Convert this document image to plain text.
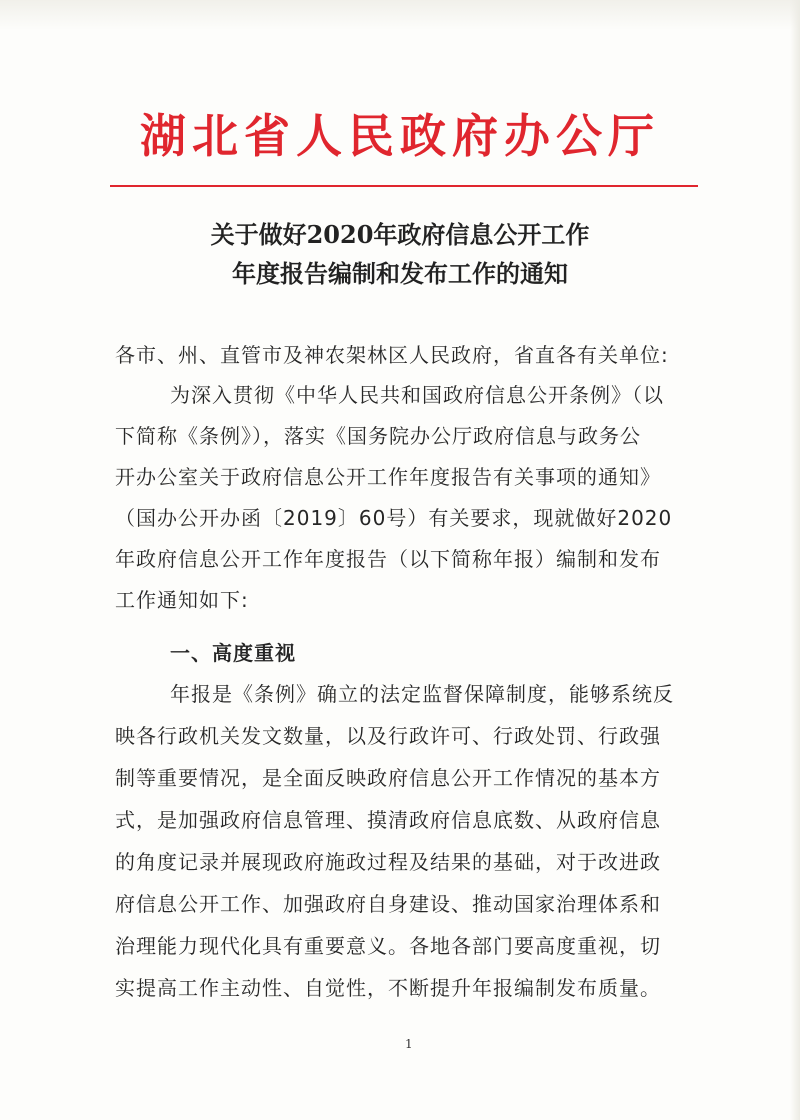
湖北省人民政府办公厅
关于做好2020年政府信息公开工作
年度报告编制和发布工作的通知
各市、州、直管市及神农架林区人民政府，省直各有关单位:
为深入贯彻《中华人民共和国政府信息公开条例》（以
下简称《条例》），落实《国务院办公厅政府信息与政务公
开办公室关于政府信息公开工作年度报告有关事项的通知》
（国办公开办函〔2019〕60号）有关要求，现就做好2020
年政府信息公开工作年度报告（以下简称年报）编制和发布
工作通知如下:
一、高度重视
年报是《条例》确立的法定监督保障制度，能够系统反
映各行政机关发文数量，以及行政许可、行政处罚、行政强
制等重要情况，是全面反映政府信息公开工作情况的基本方
式，是加强政府信息管理、摸清政府信息底数、从政府信息
的角度记录并展现政府施政过程及结果的基础，对于改进政
府信息公开工作、加强政府自身建设、推动国家治理体系和
治理能力现代化具有重要意义。各地各部门要高度重视，切
实提高工作主动性、自觉性，不断提升年报编制发布质量。
1
